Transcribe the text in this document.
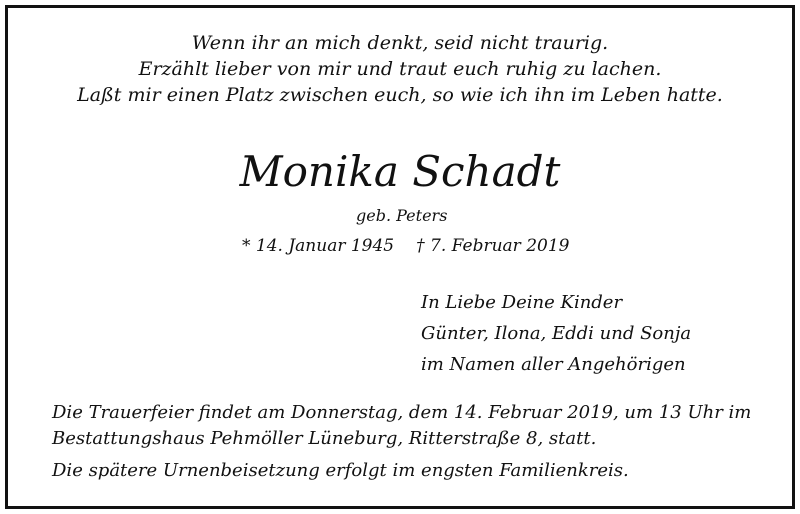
Wenn ihr an mich denkt, seid nicht traurig.
Erzählt lieber von mir und traut euch ruhig zu lachen.
Laßt mir einen Platz zwischen euch, so wie ich ihn im Leben hatte.
Monika Schadt
geb. Peters
* 14. Januar 1945 † 7. Februar 2019
In Liebe Deine Kinder
Günter, Ilona, Eddi und Sonja
im Namen aller Angehörigen
Die Trauerfeier findet am Donnerstag, dem 14. Februar 2019, um 13 Uhr im
Bestattungshaus Pehmöller Lüneburg, Ritterstraße 8, statt.
Die spätere Urnenbeisetzung erfolgt im engsten Familienkreis.
